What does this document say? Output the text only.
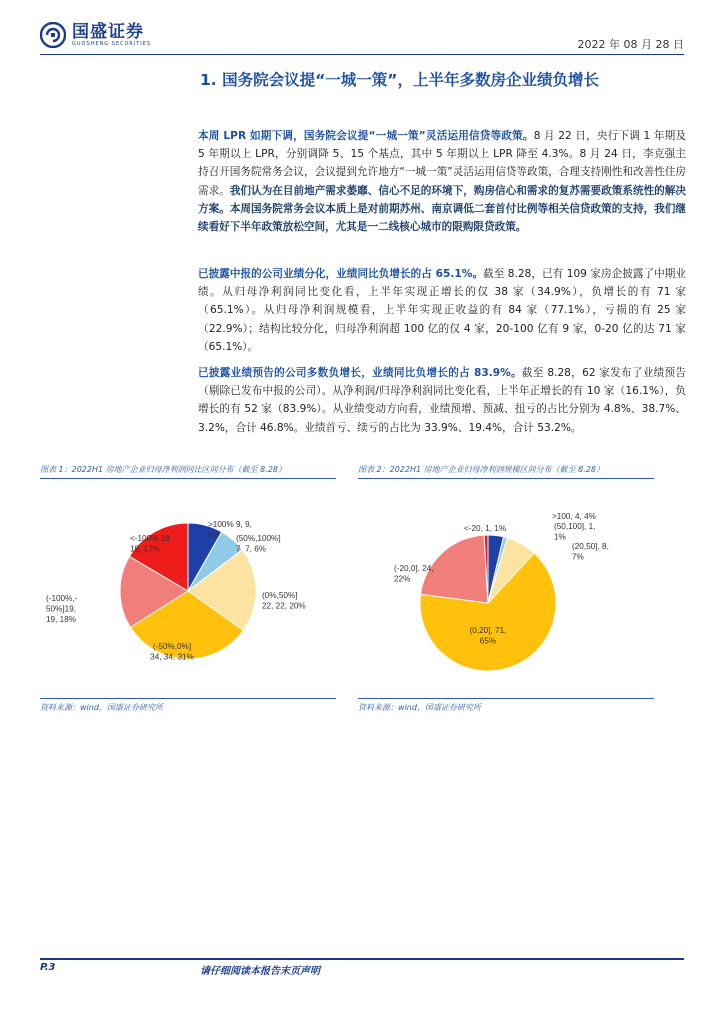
国盛证券
GUOSHENG SECURITIES	2022 年 08 月 28 日
1. 国务院会议提“一城一策”，上半年多数房企业绩负增长
本周 LPR 如期下调，国务院会议提“一城一策”灵活运用信贷等政策。8 月 22 日，央行下调 1 年期及 5 年期以上 LPR，分别调降 5、15 个基点，其中 5 年期以上 LPR 降至 4.3%。8 月 24 日，李克强主持召开国务院常务会议，会议提到允许地方“一城一策”灵活运用信贷等政策，合理支持刚性和改善性住房需求。我们认为在目前地产需求萎靡、信心不足的环境下，购房信心和需求的复苏需要政策系统性的解决方案。本周国务院常务会议本质上是对前期苏州、南京调低二套首付比例等相关信贷政策的支持，我们继续看好下半年政策放松空间，尤其是一二线核心城市的限购限贷政策。
已披露中报的公司业绩分化，业绩同比负增长的占 65.1%。截至 8.28，已有 109 家房企披露了中期业绩。从归母净利润同比变化看，上半年实现正增长的仅 38 家（34.9%），负增长的有 71 家（65.1%）。从归母净利润规模看，上半年实现正收益的有 84 家（77.1%），亏损的有 25 家（22.9%）；结构比较分化，归母净利润超 100 亿的仅 4 家，20-100 亿有 9 家，0-20 亿的达 71 家（65.1%）。
已披露业绩预告的公司多数负增长，业绩同比负增长的占 83.9%。截至 8.28，62 家发布了业绩预告（剔除已发布中报的公司）。从净利润/归母净利润同比变化看，上半年正增长的有 10 家（16.1%），负增长的有 52 家（83.9%）。从业绩变动方向看，业绩预增、预减、扭亏的占比分别为 4.8%、38.7%、3.2%，合计 46.8%。业绩首亏、续亏的占比为 33.9%、19.4%，合计 53.2%。
图表 1：2022H1 房地产企业归母净利润同比区间分布（截至 8.28）
>100% 9, 9, 8%	(50%,100%] 7, 7, 6%
(0%,50%] 22, 22, 20%
(-50%,0%] 34, 34, 31%
(-100%,-50%]19, 19, 18%
<-100% 18 18, 17%
资料来源：wind，国盛证券研究所
图表 2：2022H1 房地产企业归母净利润规模区间分布（截至 8.28）
>100, 4, 4%
(50,100], 1, 1%
(20,50], 8, 7%
(0,20], 71, 65%
(-20,0], 24, 22%
<-20, 1, 1%
资料来源：wind，国盛证券研究所
P.3	请仔细阅读本报告末页声明
